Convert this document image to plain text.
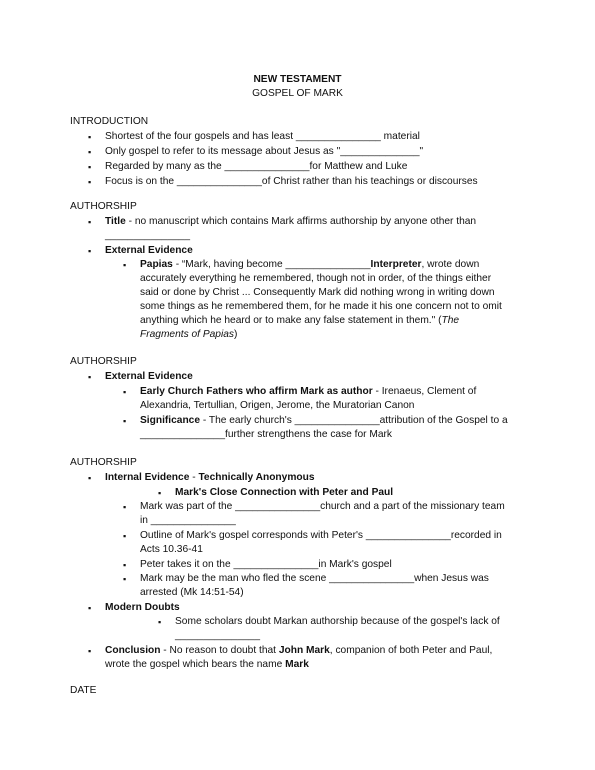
NEW TESTAMENT
GOSPEL OF MARK
INTRODUCTION
▪ Shortest of the four gospels and has least _______________ material
▪ Only gospel to refer to its message about Jesus as "______________"
▪ Regarded by many as the _______________for Matthew and Luke
▪ Focus is on the _______________of Christ rather than his teachings or discourses
AUTHORSHIP
▪ Title - no manuscript which contains Mark affirms authorship by anyone other than
_______________
▪ External Evidence
▪ Papias - “Mark, having become _______________Interpreter, wrote down
accurately everything he remembered, though not in order, of the things either
said or done by Christ ... Consequently Mark did nothing wrong in writing down
some things as he remembered them, for he made it his one concern not to omit
anything which he heard or to make any false statement in them." (The
Fragments of Papias)
AUTHORSHIP
▪ External Evidence
▪ Early Church Fathers who affirm Mark as author - Irenaeus, Clement of
Alexandria, Tertullian, Origen, Jerome, the Muratorian Canon
▪ Significance - The early church's _______________attribution of the Gospel to a
_______________further strengthens the case for Mark
AUTHORSHIP
▪ Internal Evidence - Technically Anonymous
▪ Mark's Close Connection with Peter and Paul
▪ Mark was part of the _______________church and a part of the missionary team
in _______________
▪ Outline of Mark's gospel corresponds with Peter's _______________recorded in
Acts 10.36-41
▪ Peter takes it on the _______________in Mark's gospel
▪ Mark may be the man who fled the scene _______________when Jesus was
arrested (Mk 14:51-54)
▪ Modern Doubts
▪ Some scholars doubt Markan authorship because of the gospel's lack of
_______________
▪ Conclusion - No reason to doubt that John Mark, companion of both Peter and Paul,
wrote the gospel which bears the name Mark
DATE
